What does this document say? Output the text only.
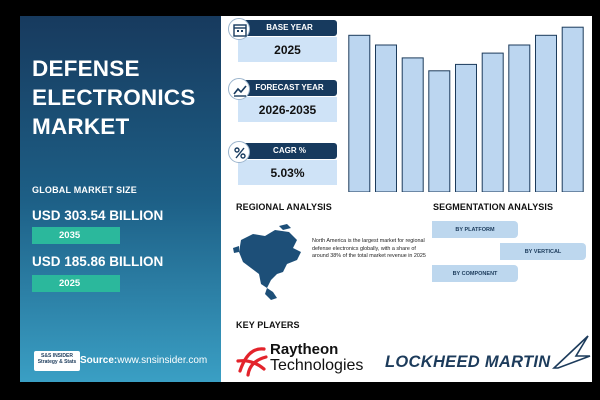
DEFENSE
ELECTRONICS
MARKET
GLOBAL MARKET SIZE
USD 303.54 BILLION
2035
USD 185.86 BILLION
2025
S&S INSIDER Strategy & Stats Source:www.snsinsider.com
BASE YEAR
2025
FORECAST YEAR
2026-2035
CAGR %
5.03%
REGIONAL ANALYSIS
North America is the largest market for regional defense electronics globally, with a share of around 38% of the total market revenue in 2025
SEGMENTATION ANALYSIS
BY PLATFORM
BY VERTICAL
BY COMPONENT
KEY PLAYERS
Raytheon
Technologies LOCKHEED MARTIN
